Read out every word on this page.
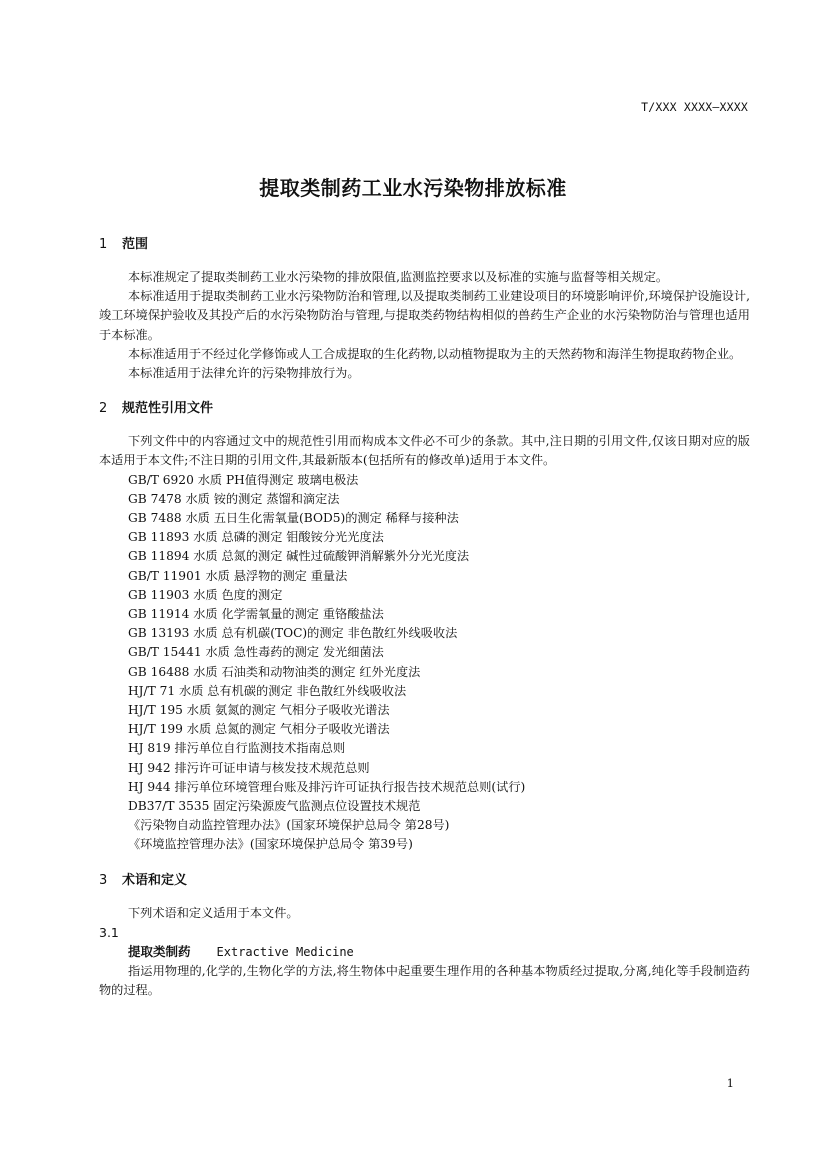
T/XXX XXXX—XXXX
提取类制药工业水污染物排放标准

1 范围

本标准规定了提取类制药工业水污染物的排放限值,监测监控要求以及标准的实施与监督等相关规定。

本标准适用于提取类制药工业水污染物防治和管理,以及提取类制药工业建设项目的环境影响评价,环境保护设施设计,竣工环境保护验收及其投产后的水污染物防治与管理,与提取类药物结构相似的兽药生产企业的水污染物防治与管理也适用于本标准。

本标准适用于不经过化学修饰或人工合成提取的生化药物,以动植物提取为主的天然药物和海洋生物提取药物企业。

本标准适用于法律允许的污染物排放行为。

2 规范性引用文件

下列文件中的内容通过文中的规范性引用而构成本文件必不可少的条款。其中,注日期的引用文件,仅该日期对应的版本适用于本文件;不注日期的引用文件,其最新版本(包括所有的修改单)适用于本文件。

GB/T 6920 水质 PH值得测定 玻璃电极法

GB 7478 水质 铵的测定 蒸馏和滴定法

GB 7488 水质 五日生化需氧量(BOD5)的测定 稀释与接种法

GB 11893 水质 总磷的测定 钼酸铵分光光度法

GB 11894 水质 总氮的测定 碱性过硫酸钾消解紫外分光光度法

GB/T 11901 水质 悬浮物的测定 重量法

GB 11903 水质 色度的测定

GB 11914 水质 化学需氧量的测定 重铬酸盐法

GB 13193 水质 总有机碳(TOC)的测定 非色散红外线吸收法

GB/T 15441 水质 急性毒药的测定 发光细菌法

GB 16488 水质 石油类和动物油类的测定 红外光度法

HJ/T 71 水质 总有机碳的测定 非色散红外线吸收法

HJ/T 195 水质 氨氮的测定 气相分子吸收光谱法

HJ/T 199 水质 总氮的测定 气相分子吸收光谱法

HJ 819 排污单位自行监测技术指南总则

HJ 942 排污许可证申请与核发技术规范总则

HJ 944 排污单位环境管理台账及排污许可证执行报告技术规范总则(试行)

DB37/T 3535 固定污染源废气监测点位设置技术规范

《污染物自动监控管理办法》(国家环境保护总局令 第28号)

《环境监控管理办法》(国家环境保护总局令 第39号)

3 术语和定义

下列术语和定义适用于本文件。

3.1

提取类制药 Extractive Medicine

指运用物理的,化学的,生物化学的方法,将生物体中起重要生理作用的各种基本物质经过提取,分离,纯化等手段制造药物的过程。

1
